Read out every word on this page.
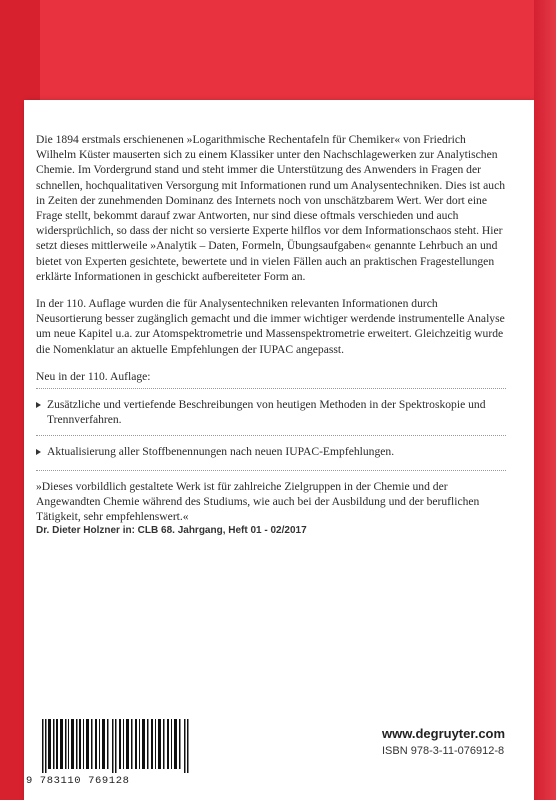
Die 1894 erstmals erschienenen »Logarithmische Rechentafeln für Chemiker« von Friedrich Wilhelm Küster mauserten sich zu einem Klassiker unter den Nachschlagewerken zur Analytischen Chemie. Im Vordergrund stand und steht immer die Unterstützung des Anwenders in Fragen der schnellen, hochqualitativen Versorgung mit Informationen rund um Analysentechniken. Dies ist auch in Zeiten der zunehmenden Dominanz des Internets noch von unschätzbarem Wert. Wer dort eine Frage stellt, bekommt darauf zwar Antworten, nur sind diese oftmals verschieden und auch widersprüchlich, so dass der nicht so versierte Experte hilflos vor dem Informationschaos steht. Hier setzt dieses mittlerweile »Analytik – Daten, Formeln, Übungsaufgaben« genannte Lehrbuch an und bietet von Experten gesichtete, bewertete und in vielen Fällen auch an praktischen Fragestellungen erklärte Informationen in geschickt aufbereiteter Form an.

In der 110. Auflage wurden die für Analysentechniken relevanten Informationen durch Neusortierung besser zugänglich gemacht und die immer wichtiger werdende instrumentelle Analyse um neue Kapitel u.a. zur Atomspektrometrie und Massenspektrometrie erweitert. Gleichzeitig wurde die Nomenklatur an aktuelle Empfehlungen der IUPAC angepasst.

Neu in der 110. Auflage:

Zusätzliche und vertiefende Beschreibungen von heutigen Methoden in der Spektroskopie und Trennverfahren.
Aktualisierung aller Stoffbenennungen nach neuen IUPAC-Empfehlungen.

»Dieses vorbildlich gestaltete Werk ist für zahlreiche Zielgruppen in der Chemie und der Angewandten Chemie während des Studiums, wie auch bei der Ausbildung und der beruflichen Tätigkeit, sehr empfehlenswert.«

Dr. Dieter Holzner in: CLB 68. Jahrgang, Heft 01 - 02/2017
9 783110 769128
www.degruyter.com
ISBN 978-3-11-076912-8
